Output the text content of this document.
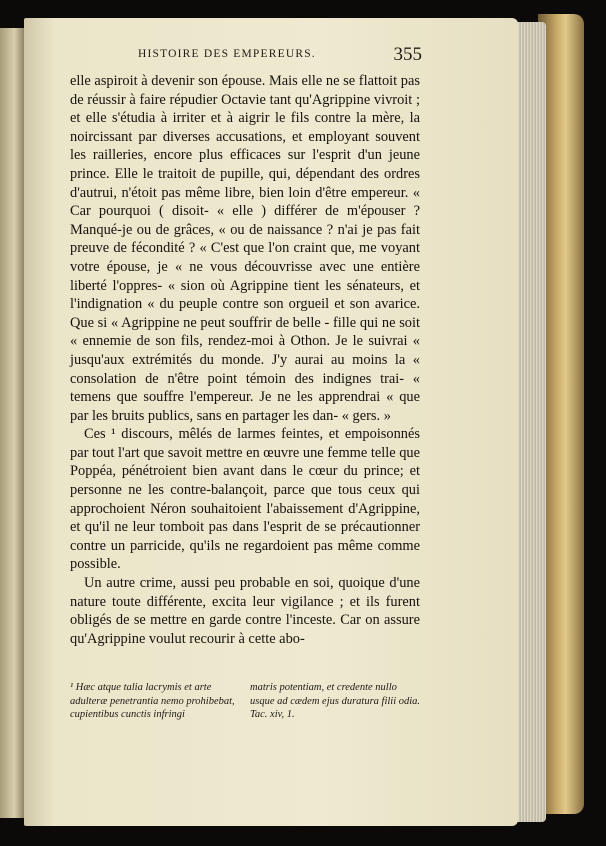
HISTOIRE DES EMPEREURS.	355

elle aspiroit à devenir son épouse. Mais elle ne se flattoit pas de réussir à faire répudier Octavie tant qu'Agrippine vivroit ; et elle s'étudia à irriter et à aigrir le fils contre la mère, la noircissant par diverses accusations, et employant souvent les railleries, encore plus efficaces sur l'esprit d'un jeune prince. Elle le traitoit de pupille, qui, dépendant des ordres d'autrui, n'étoit pas même libre, bien loin d'être empereur. « Car pourquoi ( disoit- « elle ) différer de m'épouser ? Manqué-je ou de grâces, « ou de naissance ? n'ai je pas fait preuve de fécondité ? « C'est que l'on craint que, me voyant votre épouse, je « ne vous découvrisse avec une entière liberté l'oppres- « sion où Agrippine tient les sénateurs, et l'indignation « du peuple contre son orgueil et son avarice. Que si « Agrippine ne peut souffrir de belle - fille qui ne soit « ennemie de son fils, rendez-moi à Othon. Je le suivrai « jusqu'aux extrémités du monde. J'y aurai au moins la « consolation de n'être point témoin des indignes trai- « temens que souffre l'empereur. Je ne les apprendrai « que par les bruits publics, sans en partager les dan- « gers. »

Ces ¹ discours, mêlés de larmes feintes, et empoisonnés par tout l'art que savoit mettre en œuvre une femme telle que Poppéa, pénétroient bien avant dans le cœur du prince; et personne ne les contre-balançoit, parce que tous ceux qui approchoient Néron souhaitoient l'abaissement d'Agrippine, et qu'il ne leur tomboit pas dans l'esprit de se précautionner contre un parricide, qu'ils ne regardoient pas même comme possible.

Un autre crime, aussi peu probable en soi, quoique d'une nature toute différente, excita leur vigilance ; et ils furent obligés de se mettre en garde contre l'inceste. Car on assure qu'Agrippine voulut recourir à cette abo-

¹ Hæc atque talia lacrymis et arte adulteræ penetrantia nemo prohibebat, cupientibus cunctis infringi
matris potentiam, et credente nullo usque ad cædem ejus duratura filii odia. Tac. xiv, 1.
